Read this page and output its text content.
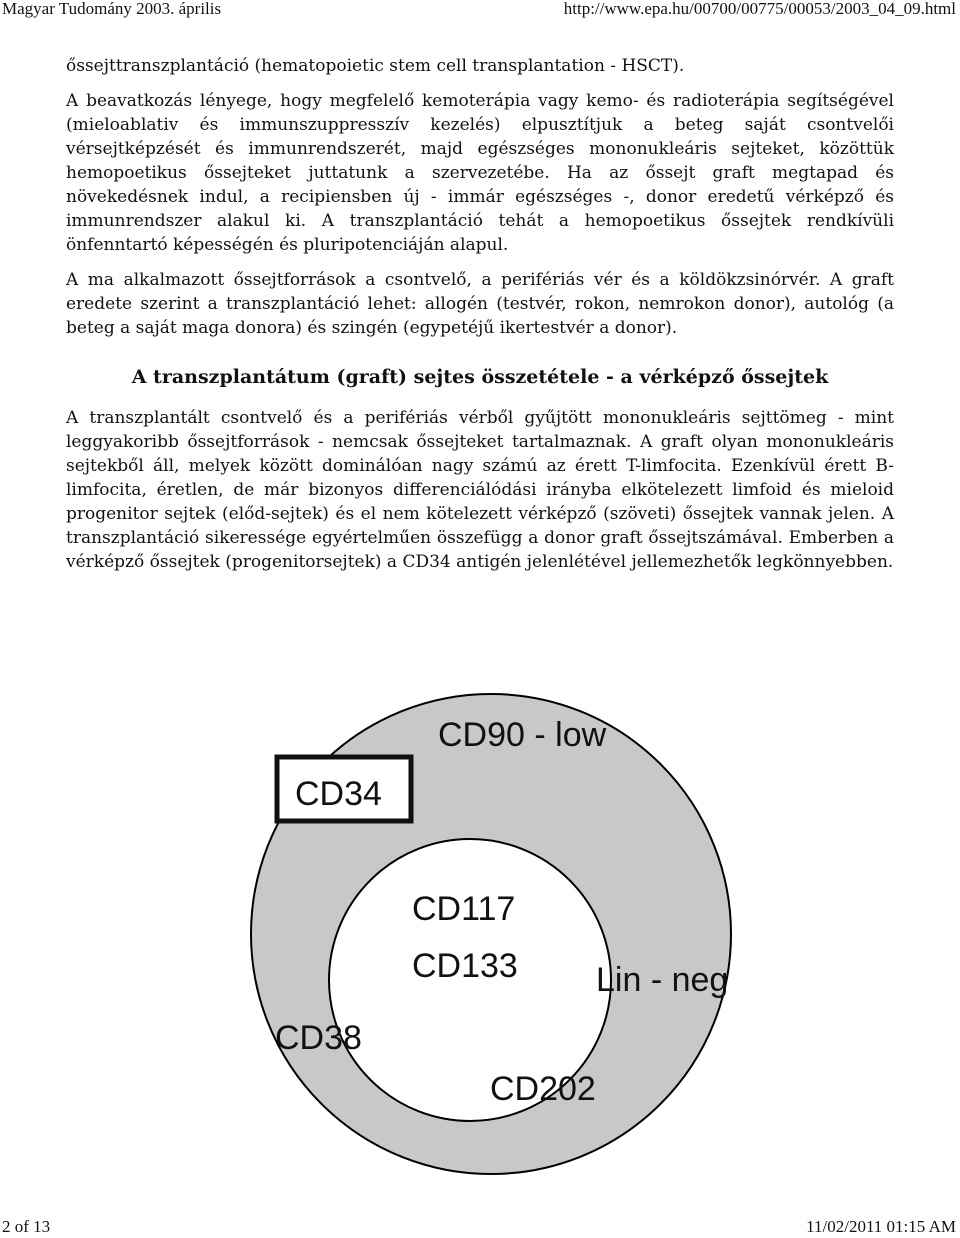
Magyar Tudomány 2003. április	http://www.epa.hu/00700/00775/00053/2003_04_09.html

őssejttranszplantáció (hematopoietic stem cell transplantation - HSCT).

A beavatkozás lényege, hogy megfelelő kemoterápia vagy kemo- és radioterápia segítségével (mieloablativ és immunszuppresszív kezelés) elpusztítjuk a beteg saját csontvelői vérsejtképzését és immunrendszerét, majd egészséges mononukleáris sejteket, közöttük hemopoetikus őssejteket juttatunk a szervezetébe. Ha az őssejt graft megtapad és növekedésnek indul, a recipiensben új - immár egészséges -, donor eredetű vérképző és immunrendszer alakul ki. A transzplantáció tehát a hemopoetikus őssejtek rendkívüli önfenntartó képességén és pluripotenciáján alapul.

A ma alkalmazott őssejtforrások a csontvelő, a perifériás vér és a köldökzsinórvér. A graft eredete szerint a transzplantáció lehet: allogén (testvér, rokon, nemrokon donor), autológ (a beteg a saját maga donora) és szingén (egypetéjű ikertestvér a donor).

A transzplantátum (graft) sejtes összetétele - a vérképző őssejtek

A transzplantált csontvelő és a perifériás vérből gyűjtött mononukleáris sejttömeg - mint leggyakoribb őssejtforrások - nemcsak őssejteket tartalmaznak. A graft olyan mononukleáris sejtekből áll, melyek között dominálóan nagy számú az érett T-limfocita. Ezenkívül érett B-limfocita, éretlen, de már bizonyos differenciálódási irányba elkötelezett limfoid és mieloid progenitor sejtek (előd-sejtek) és el nem kötelezett vérképző (szöveti) őssejtek vannak jelen. A transzplantáció sikeressége egyértelműen összefügg a donor graft őssejtszámával. Emberben a vérképző őssejtek (progenitorsejtek) a CD34 antigén jelenlétével jellemezhetők legkönnyebben.

CD90 - low
CD34
CD117
CD133 Lin - neg
CD38
CD202
2 of 13	11/02/2011 01:15 AM
